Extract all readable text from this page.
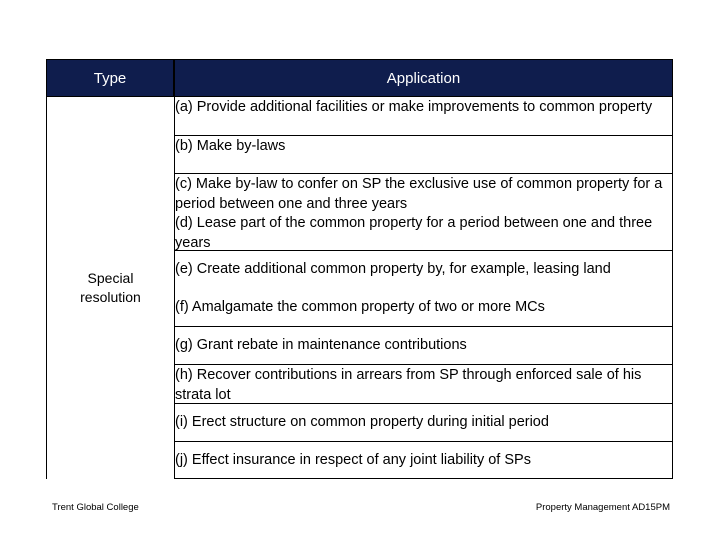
Type	Application
Special
resolution
(a) Provide additional facilities or make improvements to common property
(b) Make by-laws
(c) Make by-law to confer on SP the exclusive use of common property for a period between one and three years
(d) Lease part of the common property for a period between one and three years
(e) Create additional common property by, for example, leasing land
(f) Amalgamate the common property of two or more MCs
(g) Grant rebate in maintenance contributions
(h) Recover contributions in arrears from SP through enforced sale of his strata lot
(i) Erect structure on common property during initial period
(j) Effect insurance in respect of any joint liability of SPs
Trent Global College	Property Management AD15PM
